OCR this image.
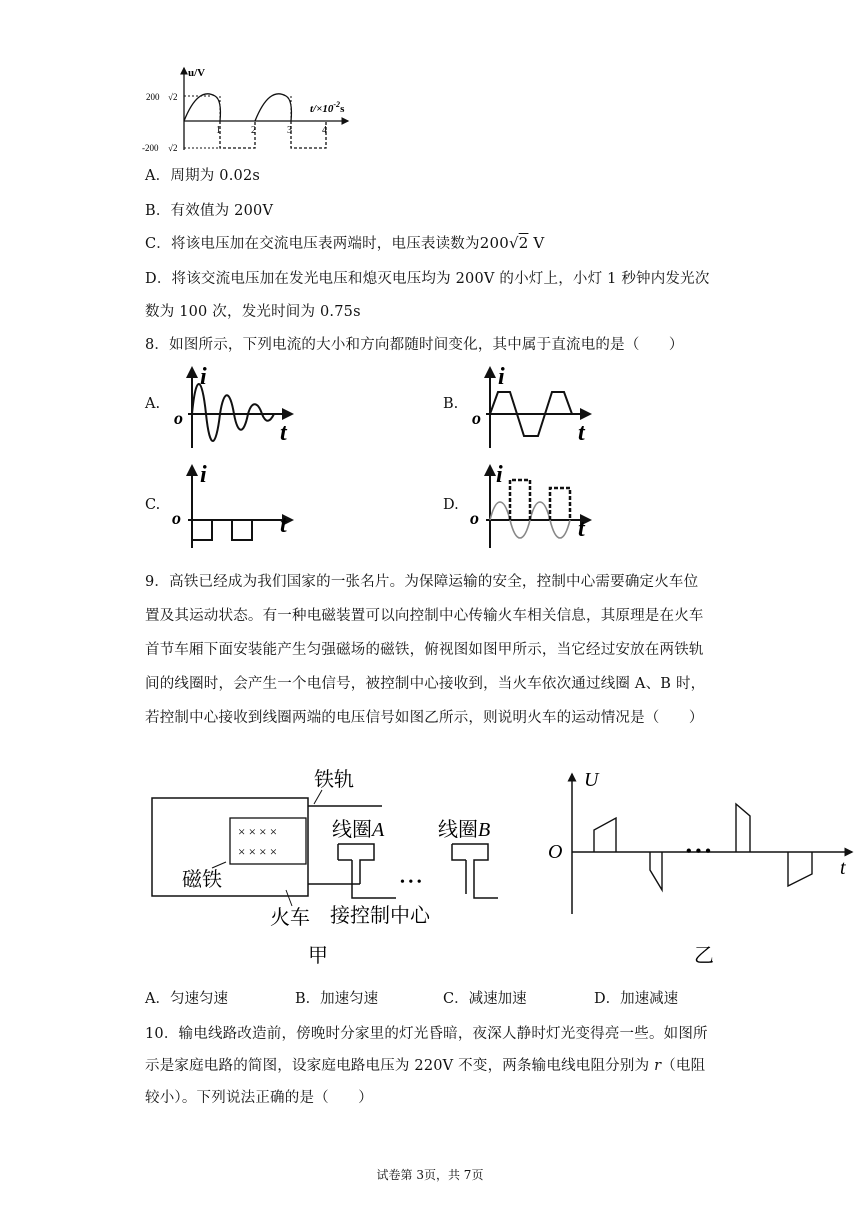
u/V
200 √ 2
-200 √ 2
1	2	3	4
$t/\times 10^{-2}s$
A．周期为 0.02s
B．有效值为 200V
C．将该电压加在交流电压表两端时，电压表读数为200√2 V
D．将该交流电压加在发光电压和熄灭电压均为 200V 的小灯上，小灯 1 秒钟内发光次
数为 100 次，发光时间为 0.75s
8．如图所示，下列电流的大小和方向都随时间变化，其中属于直流电的是（　　）
A.
i
o
t
B.
i
o
t
C.
i
o	t
D.
i
o	t
9．高铁已经成为我们国家的一张名片。为保障运输的安全，控制中心需要确定火车位
置及其运动状态。有一种电磁装置可以向控制中心传输火车相关信息，其原理是在火车
首节车厢下面安装能产生匀强磁场的磁铁，俯视图如图甲所示，当它经过安放在两铁轨
间的线圈时，会产生一个电信号，被控制中心接收到，当火车依次通过线圈 A、B 时，
若控制中心接收到线圈两端的电压信号如图乙所示，则说明火车的运动情况是（　　）
× × × ×
× × × ×
铁轨
线圈A
• • •
线圈B
磁铁
火车 接控制中心
甲
U
O
t
• • •
乙
A．匀速匀速	B．加速匀速	C．减速加速	D．加速减速
10．输电线路改造前，傍晚时分家里的灯光昏暗，夜深人静时灯光变得亮一些。如图所
示是家庭电路的简图，设家庭电路电压为 220V 不变，两条输电线电阻分别为 r（电阻
较小）。下列说法正确的是（　　）
试卷第 3页，共 7页
